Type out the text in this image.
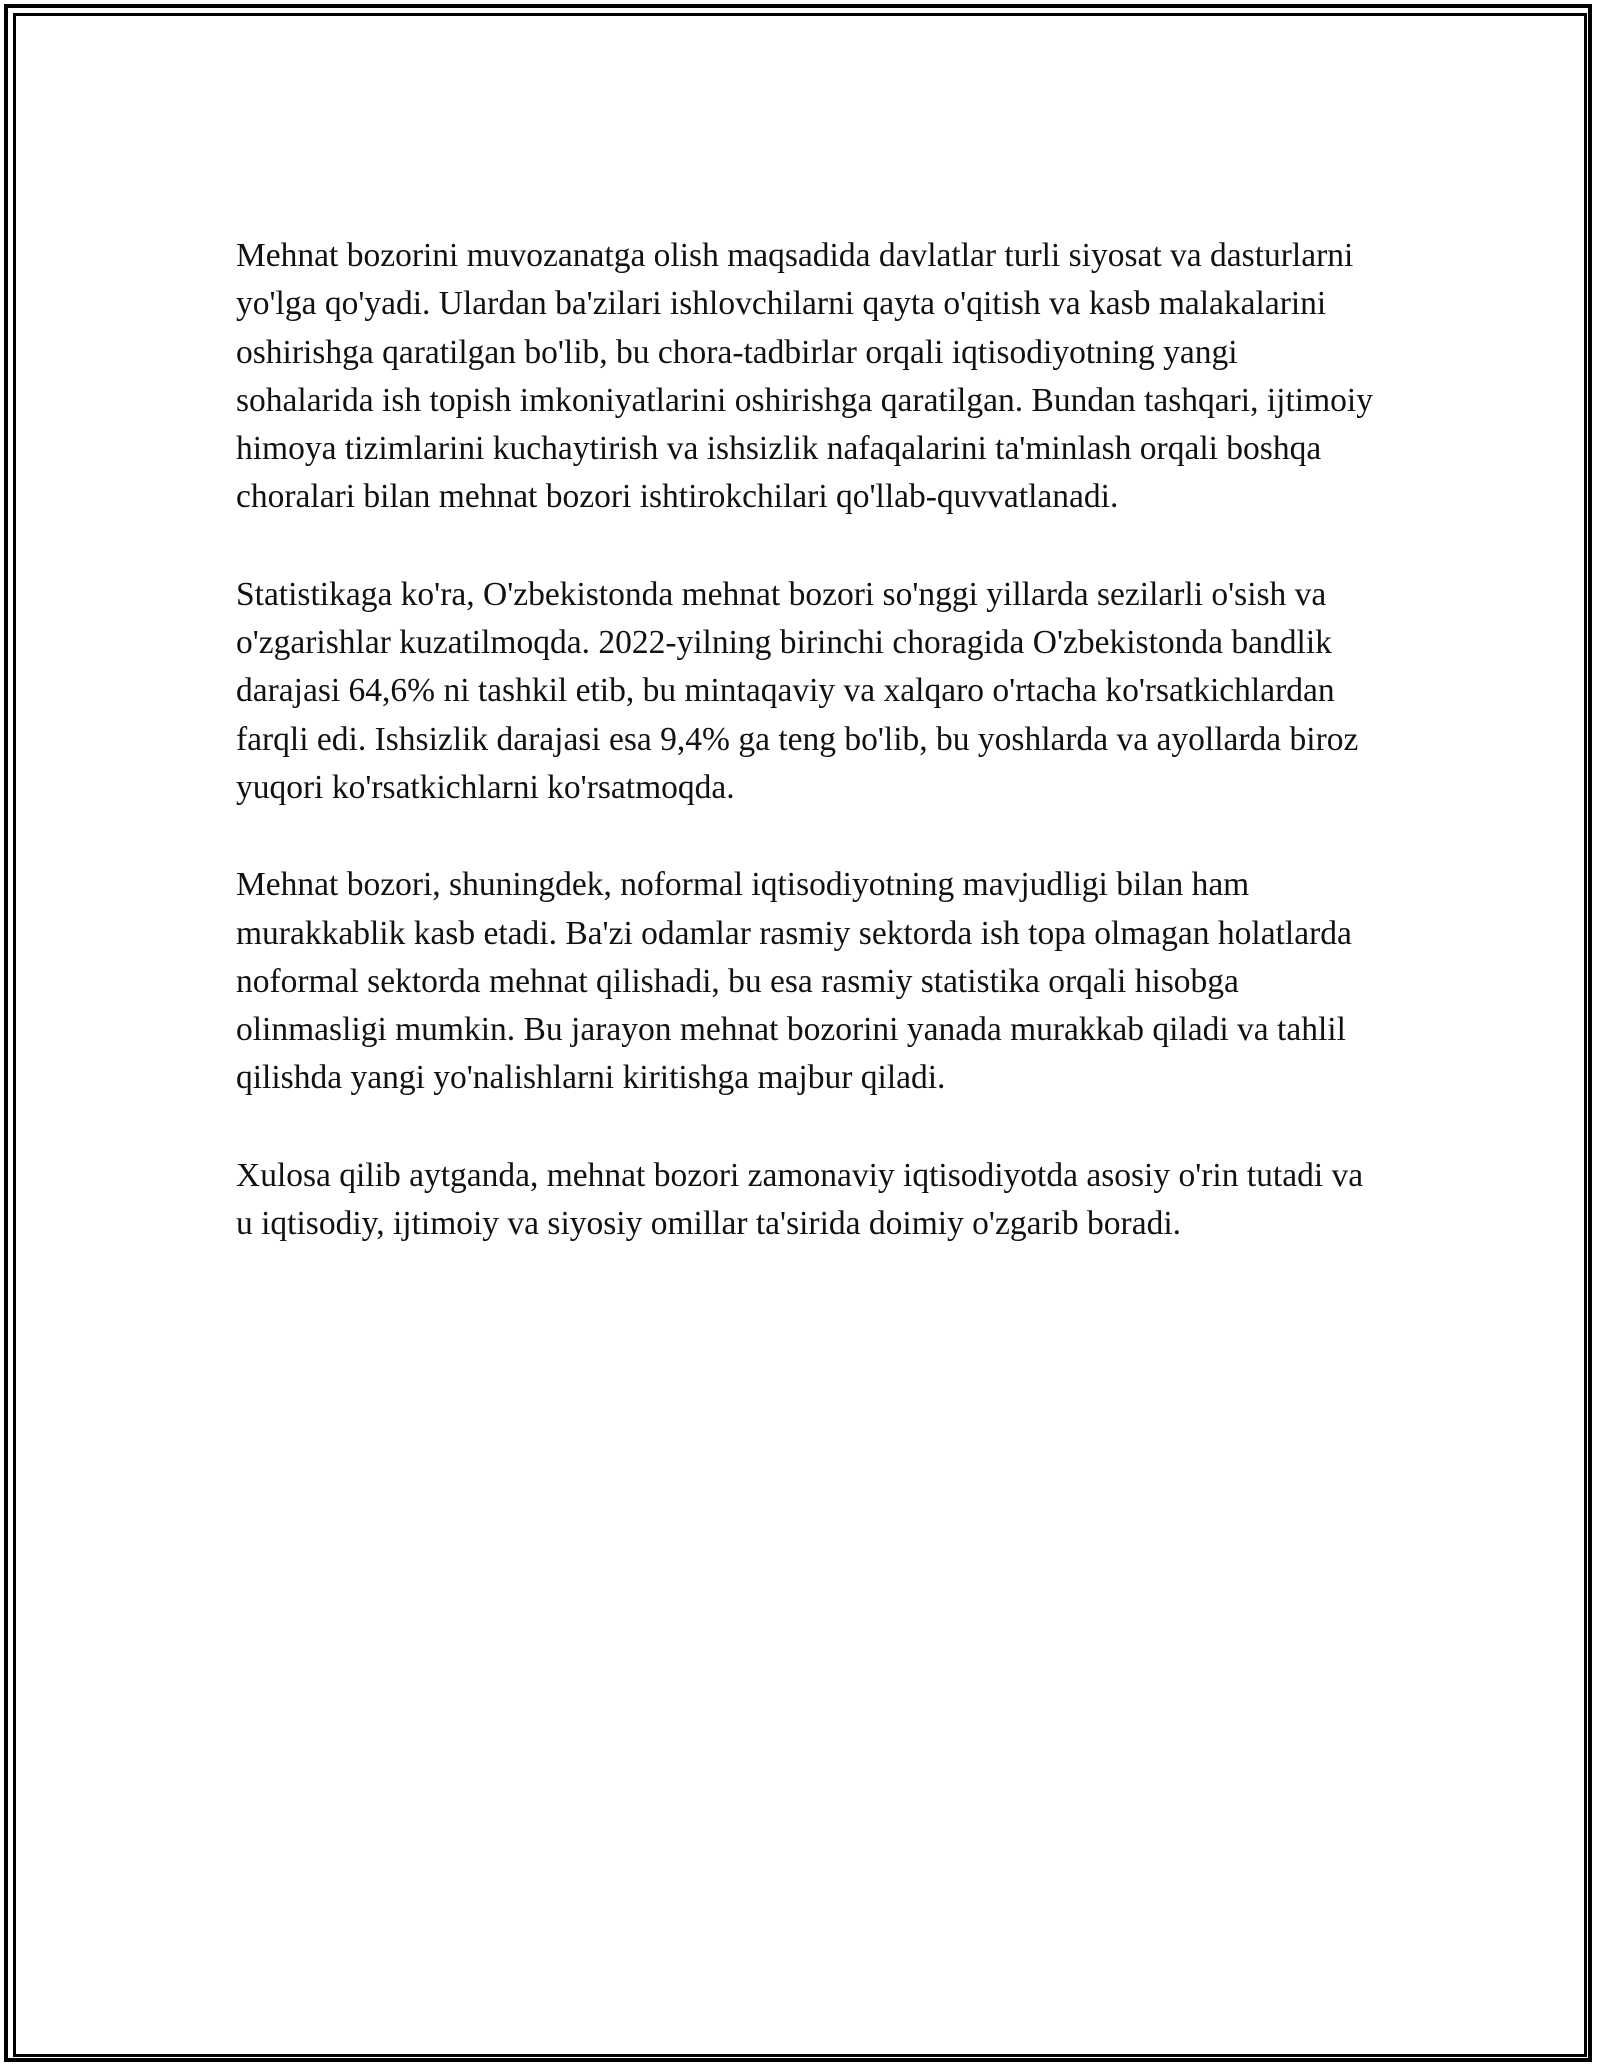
Mehnat bozorini muvozanatga olish maqsadida davlatlar turli siyosat va dasturlarni yo'lga qo'yadi. Ulardan ba'zilari ishlovchilarni qayta o'qitish va kasb malakalarini oshirishga qaratilgan bo'lib, bu chora-tadbirlar orqali iqtisodiyotning yangi sohalarida ish topish imkoniyatlarini oshirishga qaratilgan. Bundan tashqari, ijtimoiy himoya tizimlarini kuchaytirish va ishsizlik nafaqalarini ta'minlash orqali boshqa choralari bilan mehnat bozori ishtirokchilari qo'llab-quvvatlanadi.

Statistikaga ko'ra, O'zbekistonda mehnat bozori so'nggi yillarda sezilarli o'sish va o'zgarishlar kuzatilmoqda. 2022-yilning birinchi choragida O'zbekistonda bandlik darajasi 64,6% ni tashkil etib, bu mintaqaviy va xalqaro o'rtacha ko'rsatkichlardan farqli edi. Ishsizlik darajasi esa 9,4% ga teng bo'lib, bu yoshlarda va ayollarda biroz yuqori ko'rsatkichlarni ko'rsatmoqda.

Mehnat bozori, shuningdek, noformal iqtisodiyotning mavjudligi bilan ham murakkablik kasb etadi. Ba'zi odamlar rasmiy sektorda ish topa olmagan holatlarda noformal sektorda mehnat qilishadi, bu esa rasmiy statistika orqali hisobga olinmasligi mumkin. Bu jarayon mehnat bozorini yanada murakkab qiladi va tahlil qilishda yangi yo'nalishlarni kiritishga majbur qiladi.

Xulosa qilib aytganda, mehnat bozori zamonaviy iqtisodiyotda asosiy o'rin tutadi va u iqtisodiy, ijtimoiy va siyosiy omillar ta'sirida doimiy o'zgarib boradi.
